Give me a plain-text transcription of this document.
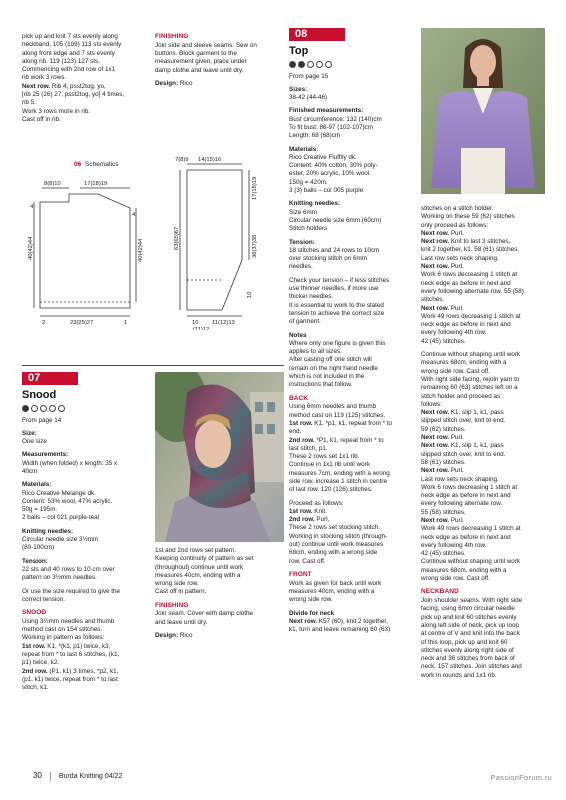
pick up and knit 7 sts evenly along
neckband, 105 (109) 113 sts evenly
along front edge and 7 sts evenly
along rib. 119 (123) 127 sts.
Commencing with 2nd row of 1x1
rib work 3 rows.
Next row. Rib 4, psst2tog, yo,
[rib 25 (26) 27, psst2tog, yo] 4 times,
rib 5.
Work 3 rows more in rib.
Cast off in rib.
FINISHING
Join side and sleeve seams. Sew on
buttons. Block garment to the
measurement given, place under
damp clothe and leave until dry.
Design: Rico
06 Schematics
8(8)10	17(18)19
4
4
40(42)44	40(42)44
2	23(25)27	1
7(8)9 14(15)16
17(18)19
63(65)67	36(37)38
10
10 11(12)13
(11)12
07
Snood
From page 14
Size:
One size
Measurements:
Width (when folded) x length: 35 x
40cm
Materials:
Rico Creative Melange dk.
Content: 53% wool, 47% acrylic.
50g = 195m.
2 balls – col 021 purple-teal
Knitting needles:
Circular needle size 3½mm
(80-100cm)
Tension:
22 sts and 40 rows to 10 cm over
pattern on 3½mm needles.
Or use the size required to give the
correct tension.
SNOOD
Using 3½mm needles and thumb
method cast on 154 stitches.
Working in pattern as follows:
1st row. K1, *(k1, p1) twice, k3,
repeat from * to last 6 stitches, (k1,
p1) twice, k2.
2nd row. (P1, k1) 3 times, *p2, k1,
(p1, k1) twice, repeat from * to last
stitch, k1.
1st and 2nd rows set pattern.
Keeping continuity of pattern as set
(throughout) continue until work
measures 40cm, ending with a
wrong side row.
Cast off in pattern.
FINISHING
Join seam. Cover with damp clothe
and leave until dry.
Design: Rico
08
Top
From page 15
Sizes:
38-42 (44-46)
Finished measurements:
Bust circumference: 132 (140)cm
To fit bust: 86-97 (102-107)cm
Length: 68 (68)cm
Materials:
Rico Creative Fluffily dk.
Content: 40% cotton, 30% poly-
ester, 20% acrylic, 10% wool.
150g = 420m.
3 (3) balls – col 005 purple
Knitting needles:
Size 6mm
Circular needle size 6mm (60cm)
Stitch holders
Tension:
18 stitches and 24 rows to 10cm
over stocking stitch on 6mm
needles.
Check your tension – if less stitches
use thinner needles, if more use
thicker needles.
It is essential to work to the stated
tension to achieve the correct size
of garment.
Notes
Where only one figure is given this
applies to all sizes.
After casting off one stitch will
remain on the right hand needle
which is not included in the
instructions that follow.
BACK
Using 6mm needles and thumb
method cast on 119 (125) stitches.
1st row. K1, *p1, k1, repeat from * to
end.
2nd row. *P1, k1, repeat from * to
last stitch, p1.
These 2 rows set 1x1 rib.
Continue in 1x1 rib until work
measures 7cm, ending with a wrong
side row, increase 1 stitch in centre
of last row. 120 (126) stitches.
Proceed as follows:
1st row. Knit.
2nd row. Purl.
These 2 rows set stocking stitch.
Working in stocking stitch (through-
out) continue until work measures
68cm, ending with a wrong side
row. Cast off.
FRONT
Work as given for back until work
measures 40cm, ending with a
wrong side row.
Divide for neck
Next row. K57 (60), knit 2 together,
k1, turn and leave remaining 60 (63)
stitches on a stitch holder.
Working on these 59 (62) stitches
only proceed as follows:
Next row. Purl.
Next row. Knit to last 3 stitches,
knit 2 together, k1. 58 (61) stitches.
Last row sets neck shaping.
Next row. Purl.
Work 6 rows decreasing 1 stitch at
neck edge as before in next and
every following alternate row. 55 (58)
stitches.
Next row. Purl.
Work 49 rows decreasing 1 stitch at
neck edge as before in next and
every following 4th row.
42 (45) stitches.
Continue without shaping until work
measures 68cm, ending with a
wrong side row. Cast off.
With right side facing, rejoin yarn to
remaining 60 (63) stitches left on a
stitch holder and proceed as
follows:
Next row. K1, slip 1, k1, pass
slipped stitch over, knit to end.
59 (62) stitches.
Next row. Purl.
Next row. K1, slip 1, k1, pass
slipped stitch over, knit to end.
58 (61) stitches.
Next row. Purl.
Last row sets neck shaping.
Work 6 rows decreasing 1 stitch at
neck edge as before in next and
every following alternate row.
55 (58) stitches.
Next row. Purl.
Work 49 rows decreasing 1 stitch at
neck edge as before in next and
every following 4th row.
42 (45) stitches.
Continue without shaping until work
measures 68cm, ending with a
wrong side row. Cast off.
NECKBAND
Join shoulder seams. With right side
facing, using 6mm circular needle
pick up and knit 60 stitches evenly
along left side of neck, pick up loop
at centre of V and knit into the back
of this loop, pick up and knit 60
stitches evenly along right side of
neck and 36 stitches from back of
neck. 157 stitches. Join stitches and
work in rounds and 1x1 rib.
30 Burda Knitting 04/22	PassionForum.ru
